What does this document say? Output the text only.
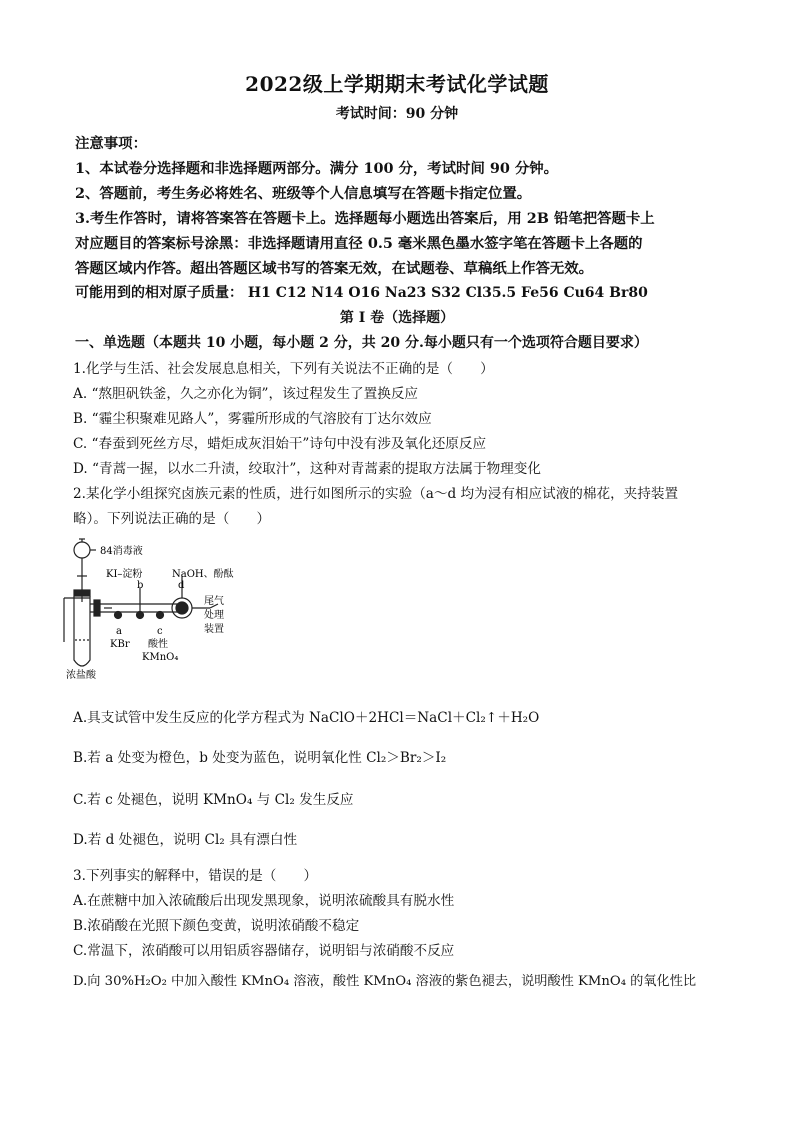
2022级上学期期末考试化学试题
考试时间：90 分钟
注意事项：
1、本试卷分选择题和非选择题两部分。满分 100 分，考试时间 90 分钟。
2、答题前，考生务必将姓名、班级等个人信息填写在答题卡指定位置。
3.考生作答时，请将答案答在答题卡上。选择题每小题选出答案后，用 2B 铅笔把答题卡上
对应题目的答案标号涂黑：非选择题请用直径 0.5 毫米黑色墨水签字笔在答题卡上各题的
答题区域内作答。超出答题区域书写的答案无效，在试题卷、草稿纸上作答无效。
可能用到的相对原子质量： H1 C12 N14 O16 Na23 S32 Cl35.5 Fe56 Cu64 Br80
第 I 卷（选择题）
一、单选题（本题共 10 小题，每小题 2 分，共 20 分.每小题只有一个选项符合题目要求）
1.化学与生活、社会发展息息相关，下列有关说法不正确的是（　　）
A. “熬胆矾铁釜，久之亦化为铜”，该过程发生了置换反应
B. “霾尘积聚难见路人”，雾霾所形成的气溶胶有丁达尔效应
C. “春蚕到死丝方尽，蜡炬成灰泪始干”诗句中没有涉及氧化还原反应
D. “青蒿一握，以水二升渍，绞取汁”，这种对青蒿素的提取方法属于物理变化
2.某化学小组探究卤族元素的性质，进行如图所示的实验（a～d 均为浸有相应试液的棉花，夹持装置
略）。下列说法正确的是（　　）
84消毒液
KI–淀粉
b
NaOH、酚酞
d
尾气
处理
装置
a
KBr
c
酸性
KMnO₄
浓盐酸
A.具支试管中发生反应的化学方程式为 NaClO＋2HCl＝NaCl＋Cl₂↑＋H₂O
B.若 a 处变为橙色，b 处变为蓝色，说明氧化性 Cl₂＞Br₂＞I₂
C.若 c 处褪色，说明 KMnO₄ 与 Cl₂ 发生反应
D.若 d 处褪色，说明 Cl₂ 具有漂白性
3.下列事实的解释中，错误的是（　　）
A.在蔗糖中加入浓硫酸后出现发黑现象，说明浓硫酸具有脱水性
B.浓硝酸在光照下颜色变黄，说明浓硝酸不稳定
C.常温下，浓硝酸可以用铝质容器储存，说明铝与浓硝酸不反应
D.向 30%H₂O₂ 中加入酸性 KMnO₄ 溶液，酸性 KMnO₄ 溶液的紫色褪去，说明酸性 KMnO₄ 的氧化性比
